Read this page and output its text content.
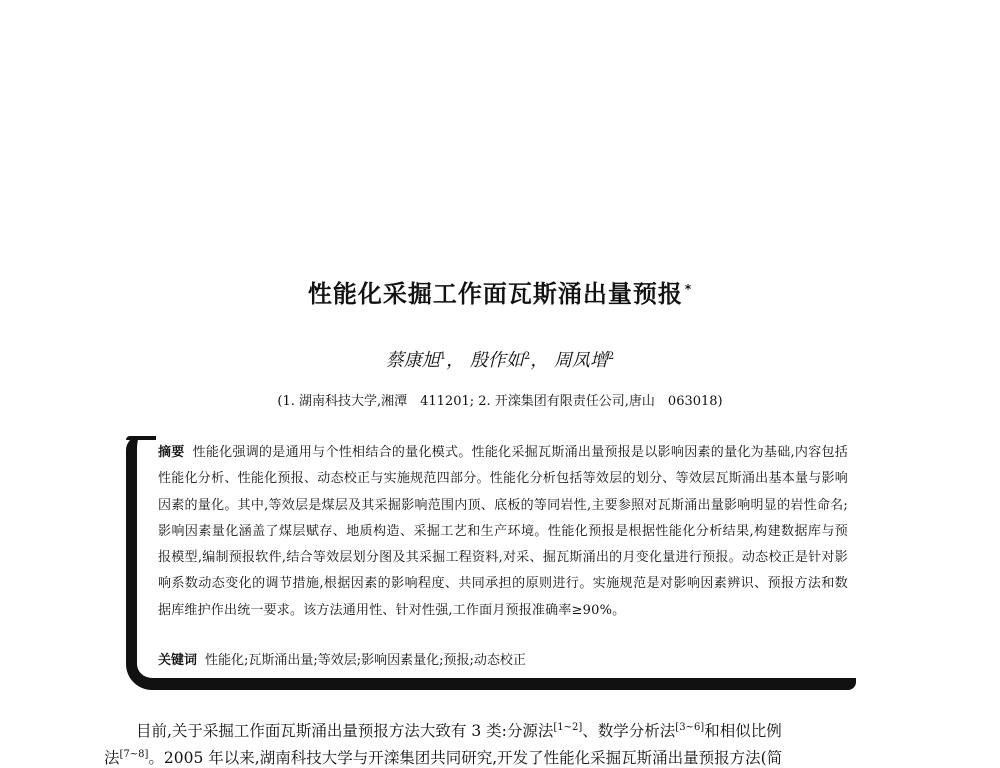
性能化采掘工作面瓦斯涌出量预报 *
蔡康旭$^1$， 殷作如$^2$， 周凤增$^2$
(1. 湖南科技大学,湘潭　411201; 2. 开滦集团有限责任公司,唐山　063018)
摘要 性能化强调的是通用与个性相结合的量化模式。性能化采掘瓦斯涌出量预报是以影响因素的量化为基础,内容包括性能化分析、性能化预报、动态校正与实施规范四部分。性能化分析包括等效层的划分、等效层瓦斯涌出基本量与影响因素的量化。其中,等效层是煤层及其采掘影响范围内顶、底板的等同岩性,主要参照对瓦斯涌出量影响明显的岩性命名;影响因素量化涵盖了煤层赋存、地质构造、采掘工艺和生产环境。性能化预报是根据性能化分析结果,构建数据库与预报模型,编制预报软件,结合等效层划分图及其采掘工程资料,对采、掘瓦斯涌出的月变化量进行预报。动态校正是针对影响系数动态变化的调节措施,根据因素的影响程度、共同承担的原则进行。实施规范是对影响因素辨识、预报方法和数据库维护作出统一要求。该方法通用性、针对性强,工作面月预报准确率≥90%。
关键词 性能化;瓦斯涌出量;等效层;影响因素量化;预报;动态校正
目前,关于采掘工作面瓦斯涌出量预报方法大致有 3 类:分源法[1~2]、数学分析法[3~6]和相似比例
法[7~8]。2005 年以来,湖南科技大学与开滦集团共同研究,开发了性能化采掘瓦斯涌出量预报方法(简
